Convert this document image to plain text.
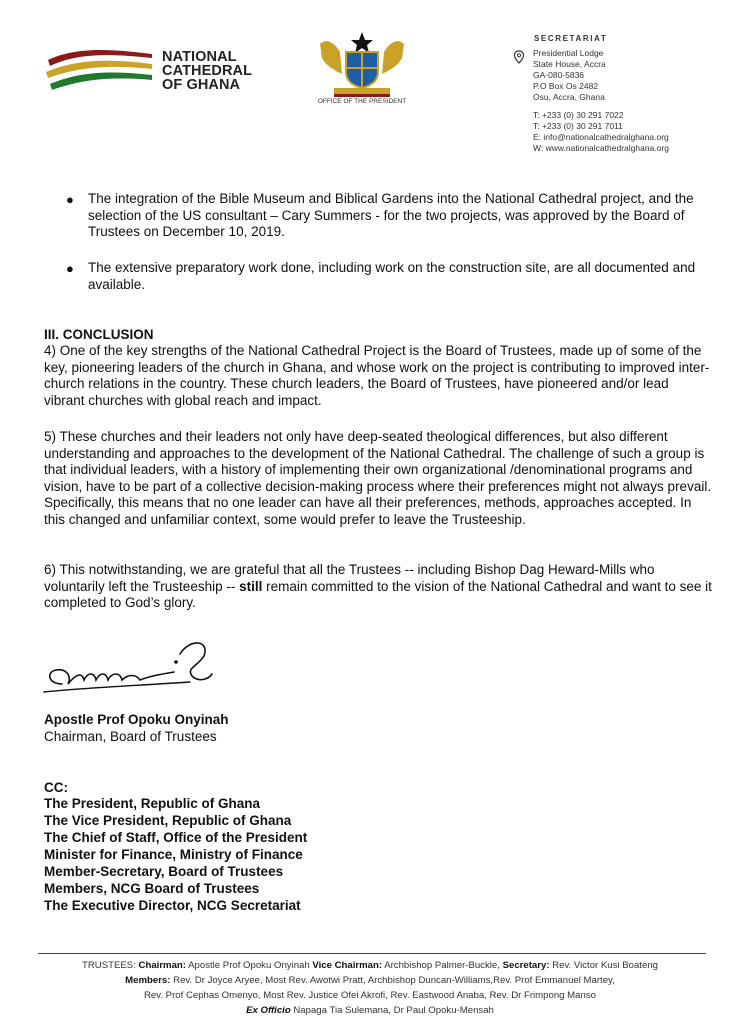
NATIONAL
CATHEDRAL
OF GHANA
OFFICE OF THE PRESIDENT
SECRETARIAT
Presidential Lodge
State House, Accra
GA-080-5836
P.O Box Os 2482
Osu, Accra, Ghana
T: +233 (0) 30 291 7022
T: +233 (0) 30 291 7011
E: info@nationalcathedralghana.org
W: www.nationalcathedralghana.org
● The integration of the Bible Museum and Biblical Gardens into the National Cathedral project, and the selection of the US consultant – Cary Summers - for the two projects, was approved by the Board of Trustees on December 10, 2019.
● The extensive preparatory work done, including work on the construction site, are all documented and available.
III. CONCLUSION
4) One of the key strengths of the National Cathedral Project is the Board of Trustees, made up of some of the key, pioneering leaders of the church in Ghana, and whose work on the project is contributing to improved inter-church relations in the country. These church leaders, the Board of Trustees, have pioneered and/or lead vibrant churches with global reach and impact.
5) These churches and their leaders not only have deep-seated theological differences, but also different understanding and approaches to the development of the National Cathedral. The challenge of such a group is that individual leaders, with a history of implementing their own organizational /denominational programs and vision, have to be part of a collective decision-making process where their preferences might not always prevail. Specifically, this means that no one leader can have all their preferences, methods, approaches accepted. In this changed and unfamiliar context, some would prefer to leave the Trusteeship.
6) This notwithstanding, we are grateful that all the Trustees -- including Bishop Dag Heward-Mills who voluntarily left the Trusteeship -- still remain committed to the vision of the National Cathedral and want to see it completed to God’s glory.
Apostle Prof Opoku Onyinah
Chairman, Board of Trustees
CC:
The President, Republic of Ghana
The Vice President, Republic of Ghana
The Chief of Staff, Office of the President
Minister for Finance, Ministry of Finance
Member-Secretary, Board of Trustees
Members, NCG Board of Trustees
The Executive Director, NCG Secretariat
TRUSTEES: Chairman: Apostle Prof Opoku Onyinah Vice Chairman: Archbishop Palmer-Buckle, Secretary: Rev. Victor Kusi Boateng
Members: Rev. Dr Joyce Aryee, Most Rev. Awotwi Pratt, Archbishop Duncan-Williams,Rev. Prof Emmanuel Martey,
Rev. Prof Cephas Omenyo, Most Rev. Justice Ofei Akrofi, Rev. Eastwood Anaba, Rev. Dr Frimpong Manso
Ex Officio Napaga Tia Sulemana, Dr Paul Opoku-Mensah
